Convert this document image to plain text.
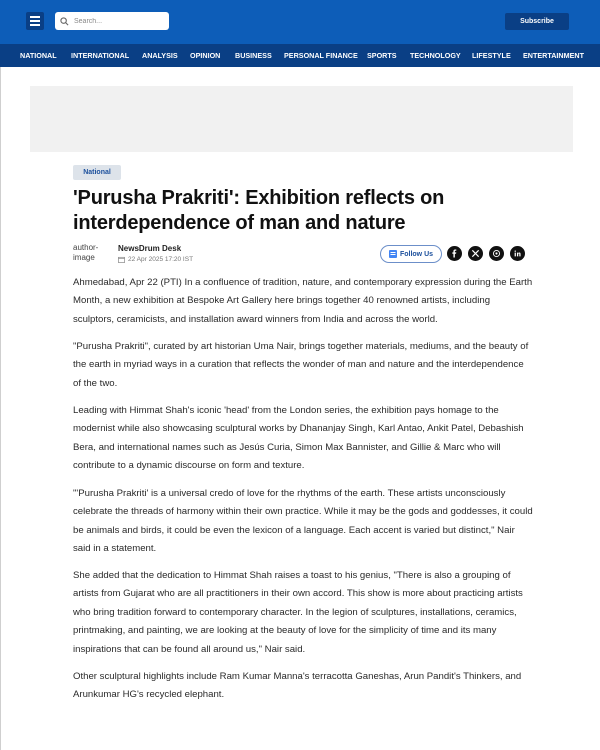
Search...
Subscribe
NATIONAL INTERNATIONAL ANALYSIS OPINION BUSINESS PERSONAL FINANCE SPORTS TECHNOLOGY LIFESTYLE ENTERTAINMENT
National
'Purusha Prakriti': Exhibition reflects on interdependence of man and nature
author-image
NewsDrum Desk
22 Apr 2025 17:20 IST
Follow Us

Ahmedabad, Apr 22 (PTI) In a confluence of tradition, nature, and contemporary expression during the Earth Month, a new exhibition at Bespoke Art Gallery here brings together 40 renowned artists, including sculptors, ceramicists, and installation award winners from India and across the world.

"Purusha Prakriti", curated by art historian Uma Nair, brings together materials, mediums, and the beauty of the earth in myriad ways in a curation that reflects the wonder of man and nature and the interdependence of the two.

Leading with Himmat Shah's iconic 'head' from the London series, the exhibition pays homage to the modernist while also showcasing sculptural works by Dhananjay Singh, Karl Antao, Ankit Patel, Debashish Bera, and international names such as Jesús Curia, Simon Max Bannister, and Gillie & Marc who will contribute to a dynamic discourse on form and texture.

"'Purusha Prakriti' is a universal credo of love for the rhythms of the earth. These artists unconsciously celebrate the threads of harmony within their own practice. While it may be the gods and goddesses, it could be animals and birds, it could be even the lexicon of a language. Each accent is varied but distinct," Nair said in a statement.

She added that the dedication to Himmat Shah raises a toast to his genius, "There is also a grouping of artists from Gujarat who are all practitioners in their own accord. This show is more about practicing artists who bring tradition forward to contemporary character. In the legion of sculptures, installations, ceramics, printmaking, and painting, we are looking at the beauty of love for the simplicity of time and its many inspirations that can be found all around us," Nair said.

Other sculptural highlights include Ram Kumar Manna's terracotta Ganeshas, Arun Pandit's Thinkers, and Arunkumar HG's recycled elephant.
